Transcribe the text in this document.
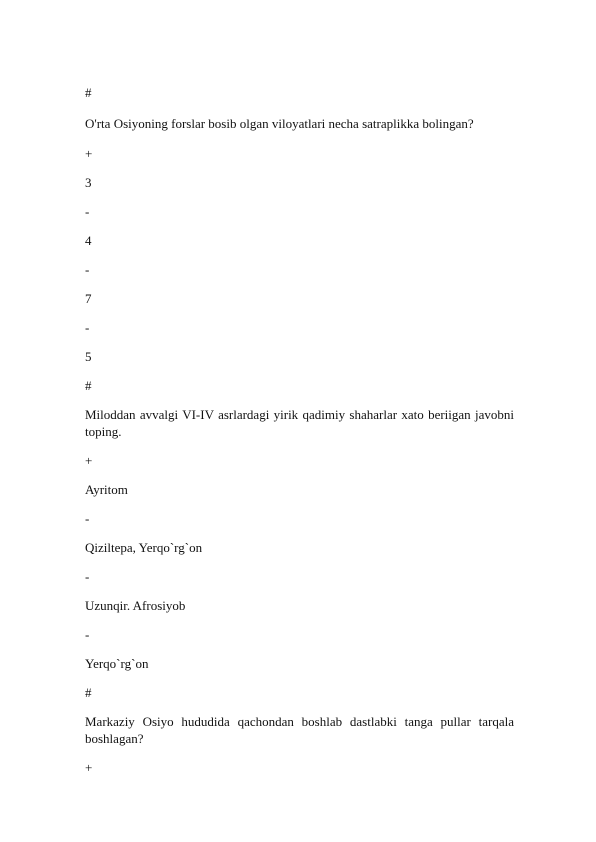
#

O'rta Osiyoning forslar bosib olgan viloyatlari necha satraplikka bolingan?

+

3

-

4

-

7

-

5

#

Miloddan avvalgi VI-IV asrlardagi yirik qadimiy shaharlar xato beriigan javobni toping.

+

Ayritom

-

Qiziltepa, Yerqo`rg`on

-

Uzunqir. Afrosiyob

-

Yerqo`rg`on

#

Markaziy Osiyo hududida qachondan boshlab dastlabki tanga pullar tarqala boshlagan?

+
